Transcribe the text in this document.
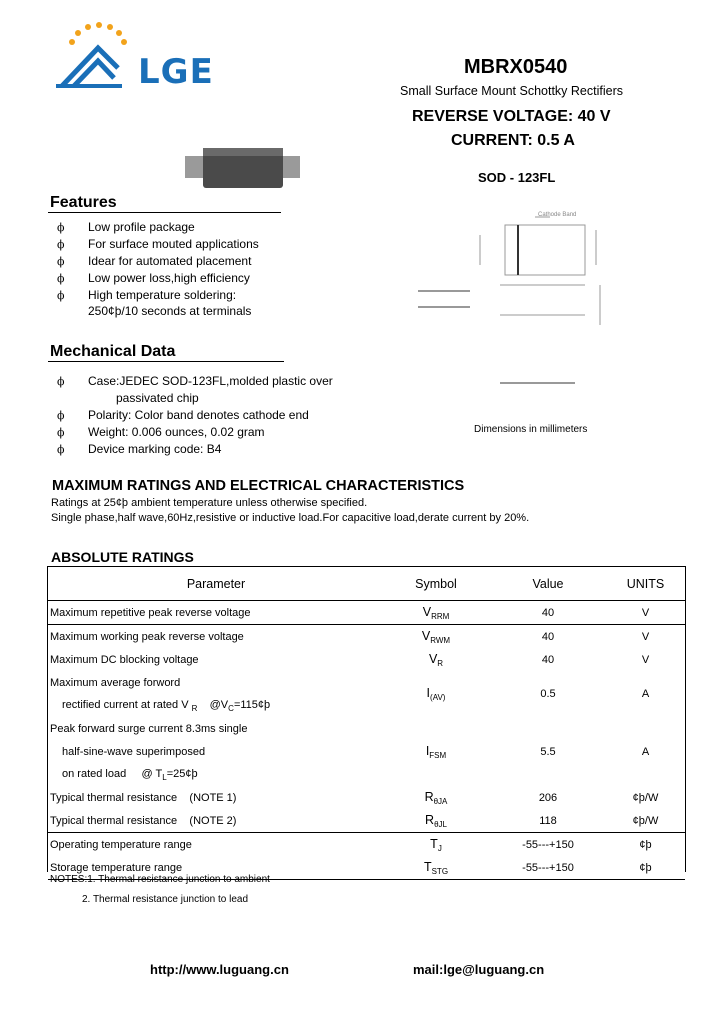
LGE	MBRX0540
Small Surface Mount Schottky Rectifiers
REVERSE VOLTAGE: 40 V
CURRENT: 0.5 A
SOD - 123FL
Cathode Band
Dimensions in millimeters
Features
ϕ Low profile package
ϕ For surface mouted applications
ϕ Idear for automated placement
ϕ Low power loss,high efficiency
ϕ High temperature soldering:
250¢þ/10 seconds at terminals
Mechanical Data
ϕ Case:JEDEC SOD-123FL,molded plastic over
passivated chip
ϕ Polarity: Color band denotes cathode end
ϕ Weight: 0.006 ounces, 0.02 gram
ϕ Device marking code: B4
MAXIMUM RATINGS AND ELECTRICAL CHARACTERISTICS
Ratings at 25¢þ ambient temperature unless otherwise specified.
Single phase,half wave,60Hz,resistive or inductive load.For capacitive load,derate current by 20%.
ABSOLUTE RATINGS
Parameter	Symbol	Value	UNITS
Maximum repetitive peak reverse voltage	$V_{RRM}$	40	V
Maximum working peak reverse voltage	$V_{RWM}$	40	V
Maximum DC blocking voltage	$V_R$	40	V
Maximum average forword	$I_{(AV)}$	0.5	A
rectified current at rated V $_R$ $@V_C=115¢þ$			
Peak forward surge current 8.3ms single	$I_{FSM}$	5.5	A
half-sine-wave superimposed			
on rated load @ $T_L=25¢þ$			
Typical thermal resistance (NOTE 1)	$R_{\theta JA}$	206	¢þ/W
Typical thermal resistance (NOTE 2)	$R_{\theta JL}$	118	¢þ/W
Operating temperature range	$T_J$	-55---+150	¢þ
Storage temperature range	$T_{STG}$	-55---+150	¢þ
NOTES:1. Thermal resistance junction to ambient
2. Thermal resistance junction to lead
http://www.luguang.cn	mail:lge@luguang.cn
